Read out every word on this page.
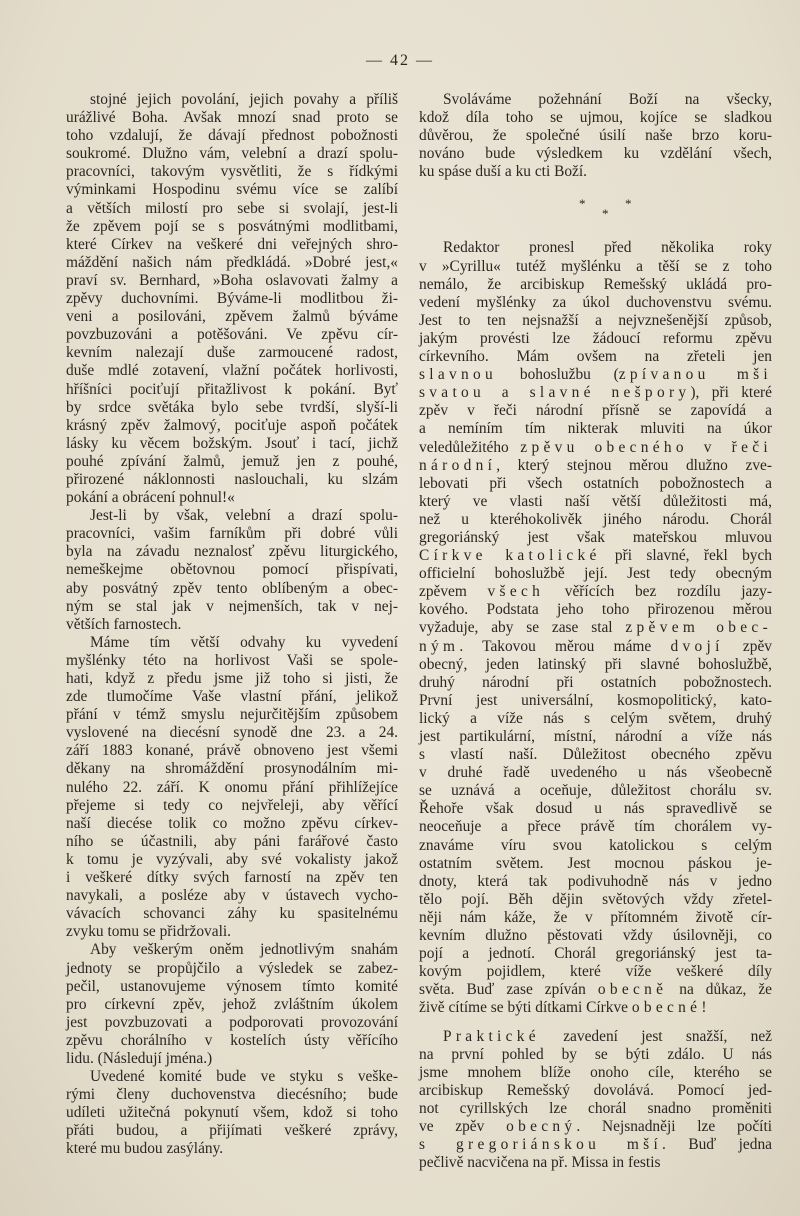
— 42 —
stojné jejich povolání, jejich povahy a příliš
urážlivé Boha. Avšak mnozí snad proto se
toho vzdalují, že dávají přednost pobožnosti
soukromé. Dlužno vám, velební a drazí spolu-
pracovníci, takovým vysvětliti, že s řídkými
výminkami Hospodinu svému více se zalíbí
a větších milostí pro sebe si svolají, jest-li
že zpěvem pojí se s posvátnými modlitbami,
které Církev na veškeré dni veřejných shro-
máždění našich nám předkládá. »Dobré jest,«
praví sv. Bernhard, »Boha oslavovati žalmy a
zpěvy duchovními. Býváme-li modlitbou ži-
veni a posilováni, zpěvem žalmů býváme
povzbuzováni a potěšováni. Ve zpěvu cír-
kevním nalezají duše zarmoucené radost,
duše mdlé zotavení, vlažní počátek horlivosti,
hříšníci pociťují přitažlivost k pokání. Byť
by srdce světáka bylo sebe tvrdší, slyší-li
krásný zpěv žalmový, pociťuje aspoň počátek
lásky ku věcem božským. Jsouť i tací, jichž
pouhé zpívání žalmů, jemuž jen z pouhé,
přirozené náklonnosti naslouchali, ku slzám
pokání a obrácení pohnul!«
Jest-li by však, velební a drazí spolu-
pracovníci, vašim farníkům při dobré vůli
byla na závadu neznalosť zpěvu liturgického,
nemeškejme obětovnou pomocí přispívati,
aby posvátný zpěv tento oblíbeným a obec-
ným se stal jak v nejmenších, tak v nej-
větších farnostech.
Máme tím větší odvahy ku vyvedení
myšlénky této na horlivost Vaši se spole-
hati, když z předu jsme již toho si jisti, že
zde tlumočíme Vaše vlastní přání, jelikož
přání v témž smyslu nejurčitějším způsobem
vyslovené na diecésní synodě dne 23. a 24.
září 1883 konané, právě obnoveno jest všemi
děkany na shromáždění prosynodálním mi-
nulého 22. září. K onomu přání přihlížejíce
přejeme si tedy co nejvřeleji, aby věřící
naší diecése tolik co možno zpěvu církev-
ního se účastnili, aby páni farářové často
k tomu je vyzývali, aby své vokalisty jakož
i veškeré dítky svých farností na zpěv ten
navykali, a posléze aby v ústavech vycho-
vávacích schovanci záhy ku spasitelnému
zvyku tomu se přidržovali.
Aby veškerým oněm jednotlivým snahám
jednoty se propůjčilo a výsledek se zabez-
pečil, ustanovujeme výnosem tímto komité
pro církevní zpěv, jehož zvláštním úkolem
jest povzbuzovati a podporovati provozování
zpěvu chorálního v kostelích ústy věřícího
lidu. (Následují jména.)
Uvedené komité bude ve styku s veške-
rými členy duchovenstva diecésního; bude
udíleti užitečná pokynutí všem, kdož si toho
přáti budou, a přijímati veškeré zprávy,
které mu budou zasýlány.
Svoláváme požehnání Boží na všecky,
kdož díla toho se ujmou, kojíce se sladkou
důvěrou, že společné úsilí naše brzo koru-
nováno bude výsledkem ku vzdělání všech,
ku spáse duší a ku cti Boží.
*	*
*
Redaktor pronesl před několika roky
v »Cyrillu« tutéž myšlénku a těší se z toho
nemálo, že arcibiskup Remešský ukládá pro-
vedení myšlénky za úkol duchovenstvu svému.
Jest to ten nejsnažší a nejvznešenější způsob,
jakým provésti lze žádoucí reformu zpěvu
církevního. Mám ovšem na zřeteli jen
slavnou bohoslužbu (zpívanou mši
svatou a slavné nešpory), při které
zpěv v řeči národní přísně se zapovídá a
a nemíním tím nikterak mluviti na úkor
veledůležitého zpěvu obecného v řeči
národní, který stejnou měrou dlužno zve-
lebovati při všech ostatních pobožnostech a
který ve vlasti naší větší důležitosti má,
než u kteréhokolivěk jiného národu. Chorál
gregoriánský jest však mateřskou mluvou
Církve katolické při slavné, řekl bych
officielní bohoslužbě její. Jest tedy obecným
zpěvem všech věřících bez rozdílu jazy-
kového. Podstata jeho toho přirozenou měrou
vyžaduje, aby se zase stal zpěvem obec-
ným. Takovou měrou máme dvojí zpěv
obecný, jeden latinský při slavné bohoslužbě,
druhý národní při ostatních pobožnostech.
První jest universální, kosmopolitický, kato-
lický a víže nás s celým světem, druhý
jest partikulární, místní, národní a víže nás
s vlastí naší. Důležitost obecného zpěvu
v druhé řadě uvedeného u nás všeobecně
se uznává a oceňuje, důležitost chorálu sv.
Řehoře však dosud u nás spravedlivě se
neoceňuje a přece právě tím chorálem vy-
znaváme víru svou katolickou s celým
ostatním světem. Jest mocnou páskou je-
dnoty, která tak podivuhodně nás v jedno
tělo pojí. Běh dějin světových vždy zřetel-
něji nám káže, že v přítomném životě cír-
kevním dlužno pěstovati vždy úsilovněji, co
pojí a jednotí. Chorál gregoriánský jest ta-
kovým pojidlem, které víže veškeré díly
světa. Buď zase zpíván obecně na důkaz, že
živě cítíme se býti dítkami Církve obecné!
Praktické zavedení jest snažší, než
na první pohled by se býti zdálo. U nás
jsme mnohem blíže onoho cíle, kterého se
arcibiskup Remešský dovolává. Pomocí jed-
not cyrillských lze chorál snadno proměniti
ve zpěv obecný. Nejsnadněji lze počíti
s gregoriánskou mší. Buď jedna
pečlivě nacvičena na př. Missa in festis
